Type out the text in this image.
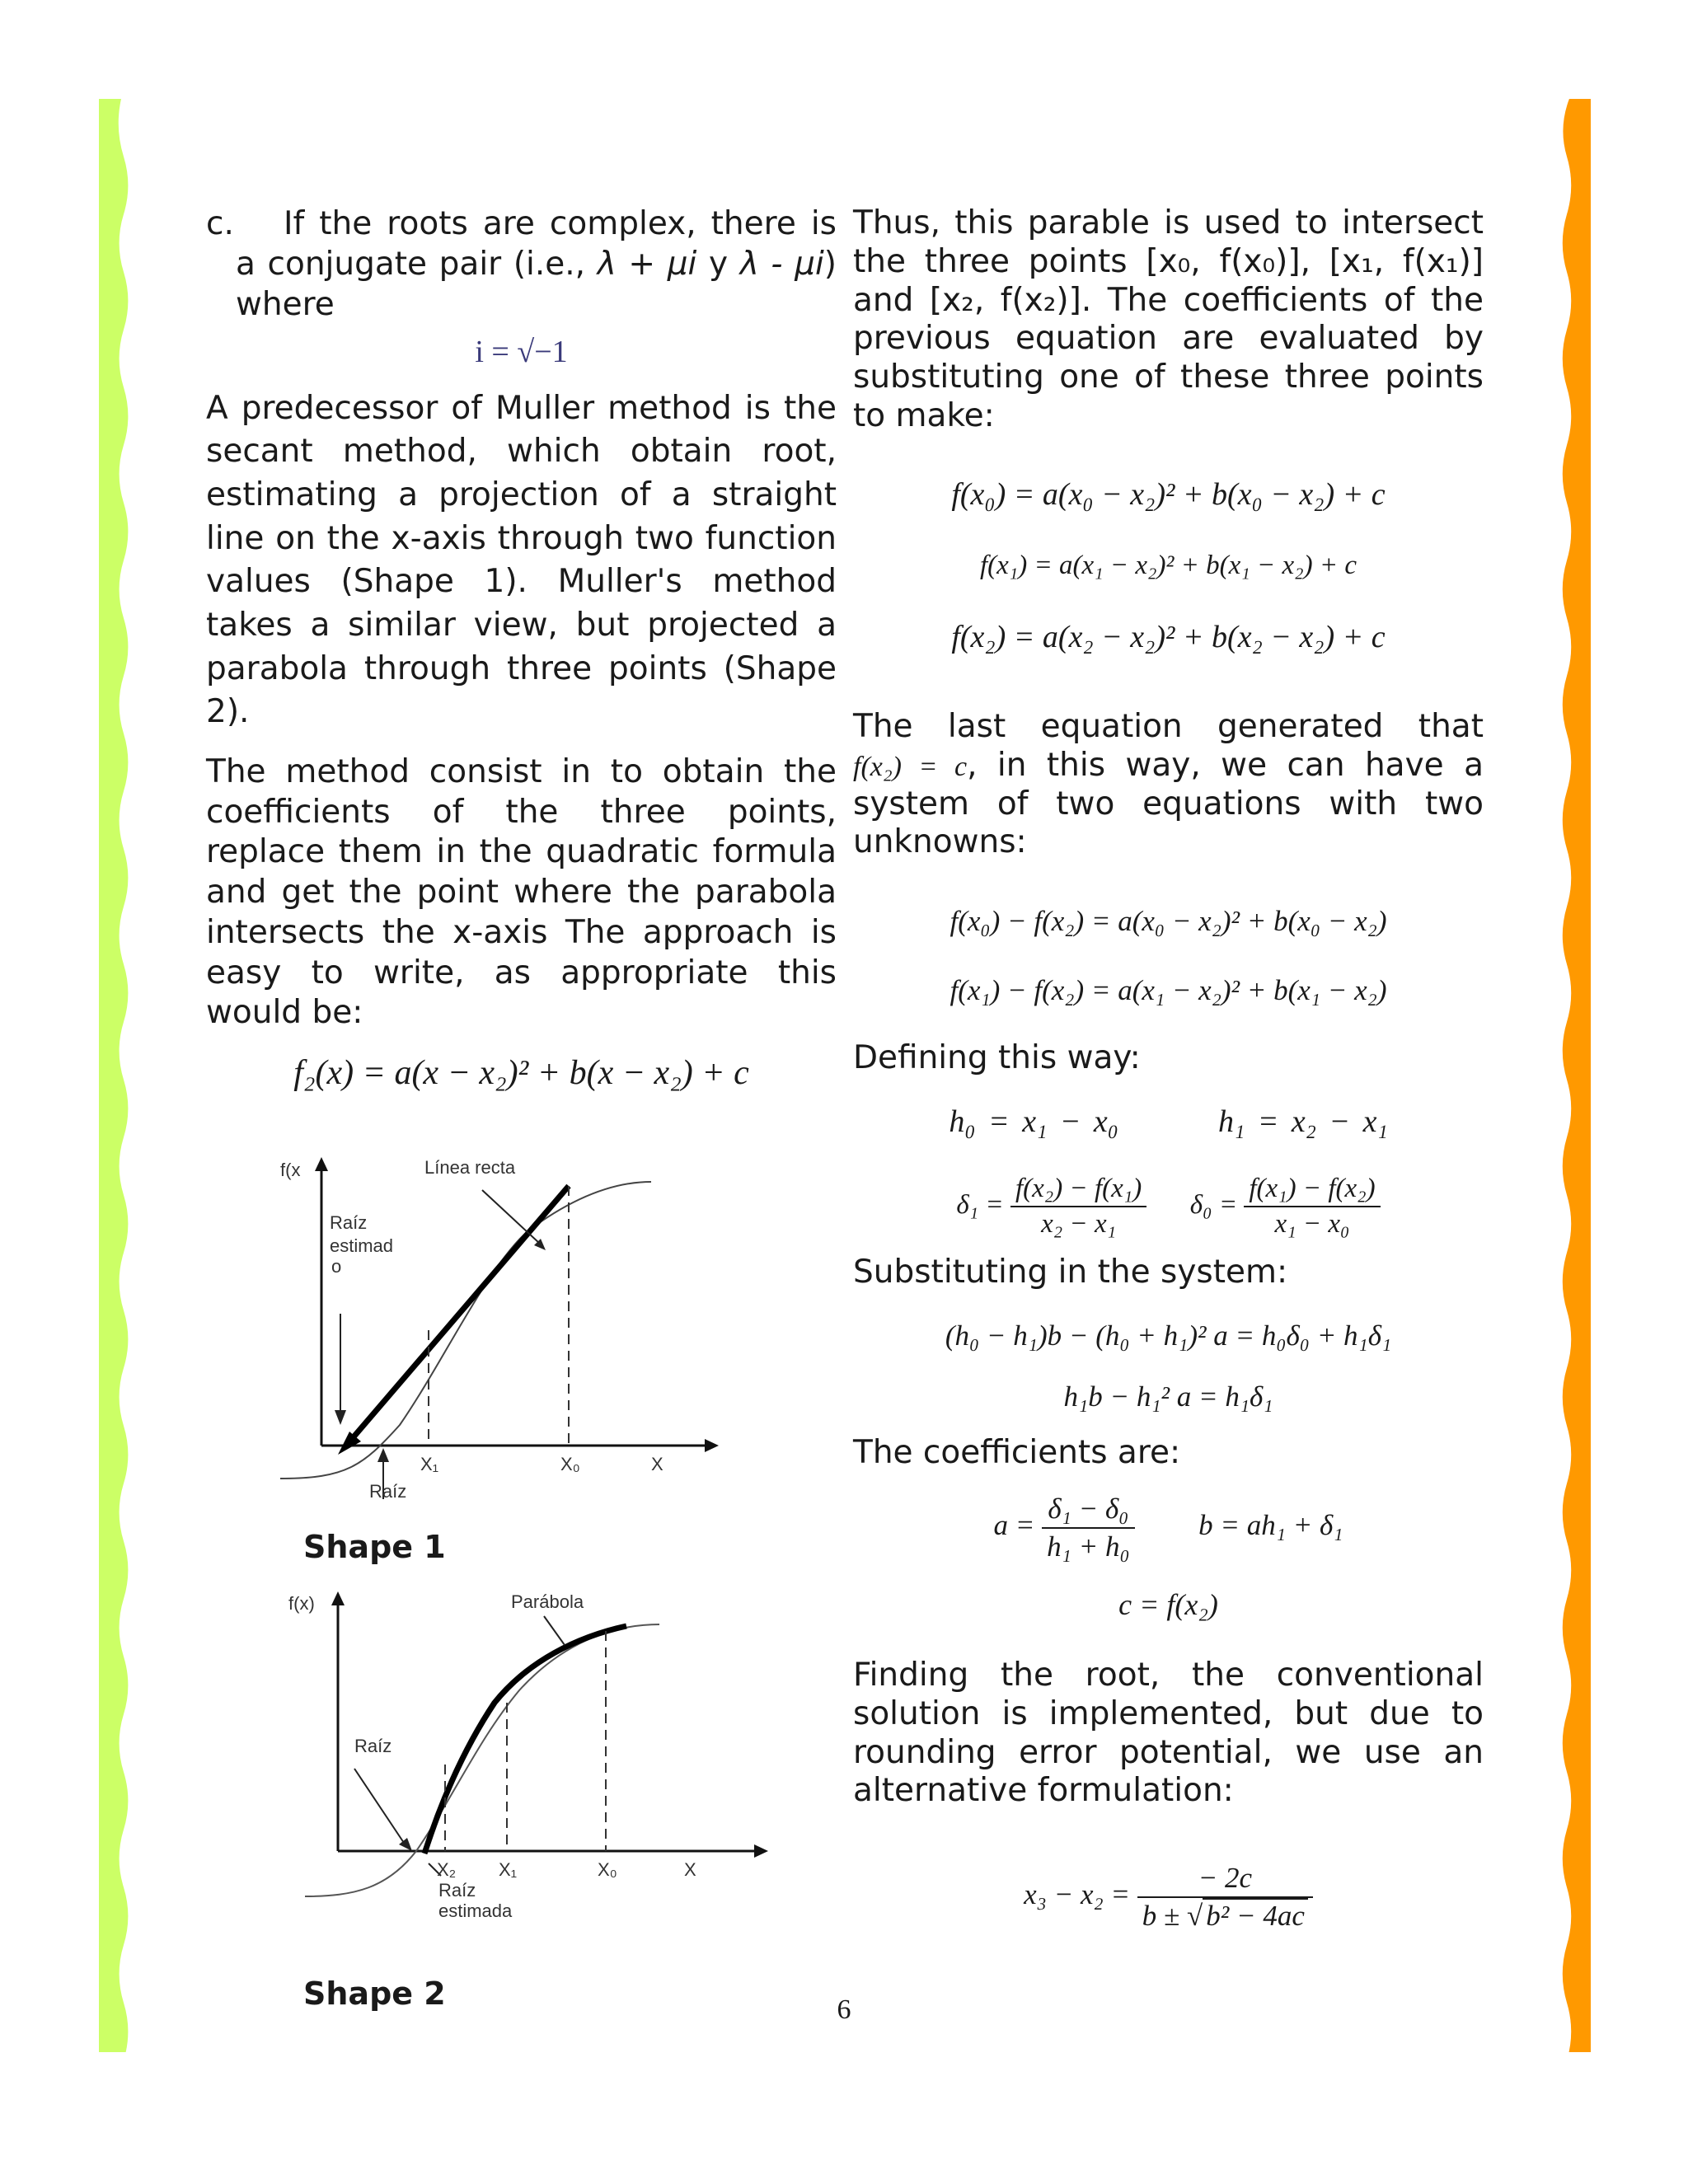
c. If the roots are complex, there is a conjugate pair (i.e., λ + μi y λ - μi) where

i = √−1

A predecessor of Muller method is the secant method, which obtain root, estimating a projection of a straight line on the x-axis through two function values (Shape 1). Muller's method takes a similar view, but projected a parabola through three points (Shape 2).

The method consist in to obtain the coefficients of the three points, replace them in the quadratic formula and get the point where the parabola intersects the x-axis The approach is easy to write, as appropriate this would be:

f₂(x) = a(x − x₂)² + b(x − x₂) + c
f(x	Línea recta
Raíz
estimad
o
X₁	X₀	X
Raíz
Shape 1
f(x)	Parábola
Raíz
X₂ X₁	X₀	X
Raíz
estimada
Shape 2

Thus, this parable is used to intersect the three points [x₀, f(x₀)], [x₁, f(x₁)] and [x₂, f(x₂)]. The coefficients of the previous equation are evaluated by substituting one of these three points to make:

f(x₀) = a(x₀ − x₂)² + b(x₀ − x₂) + c
f(x₁) = a(x₁ − x₂)² + b(x₁ − x₂) + c
f(x₂) = a(x₂ − x₂)² + b(x₂ − x₂) + c

The last equation generated that f(x₂) = c, in this way, we can have a system of two equations with two unknowns:

f(x₀) − f(x₂) = a(x₀ − x₂)² + b(x₀ − x₂)
f(x₁) − f(x₂) = a(x₁ − x₂)² + b(x₁ − x₂)

Defining this way:

h₀ = x₁ − x₀	h₁ = x₂ − x₁
$\delta_1 = \frac{\text{f(x₂) − f(x₁)}}{\text{x₂ − x₁}} \delta_0 = \frac{\text{f(x₁) − f(x₂)}}{\text{x₁ − x₀}}$

Substituting in the system:

(h₀ − h₁)b − (h₀ + h₁)² a = h₀δ₀ + h₁δ₁
h₁b − h₁² a = h₁δ₁

The coefficients are:

$a = \frac{\text{δ₁ − δ₀}}{\text{h₁ + h₀}}$ b = ah₁ + δ₁
c = f(x₂)

Finding the root, the conventional solution is implemented, but due to rounding error potential, we use an alternative formulation:

$x_3 - x_2 = \frac{- 2c}{\text{b ± √ b² − 4ac}}$
6
